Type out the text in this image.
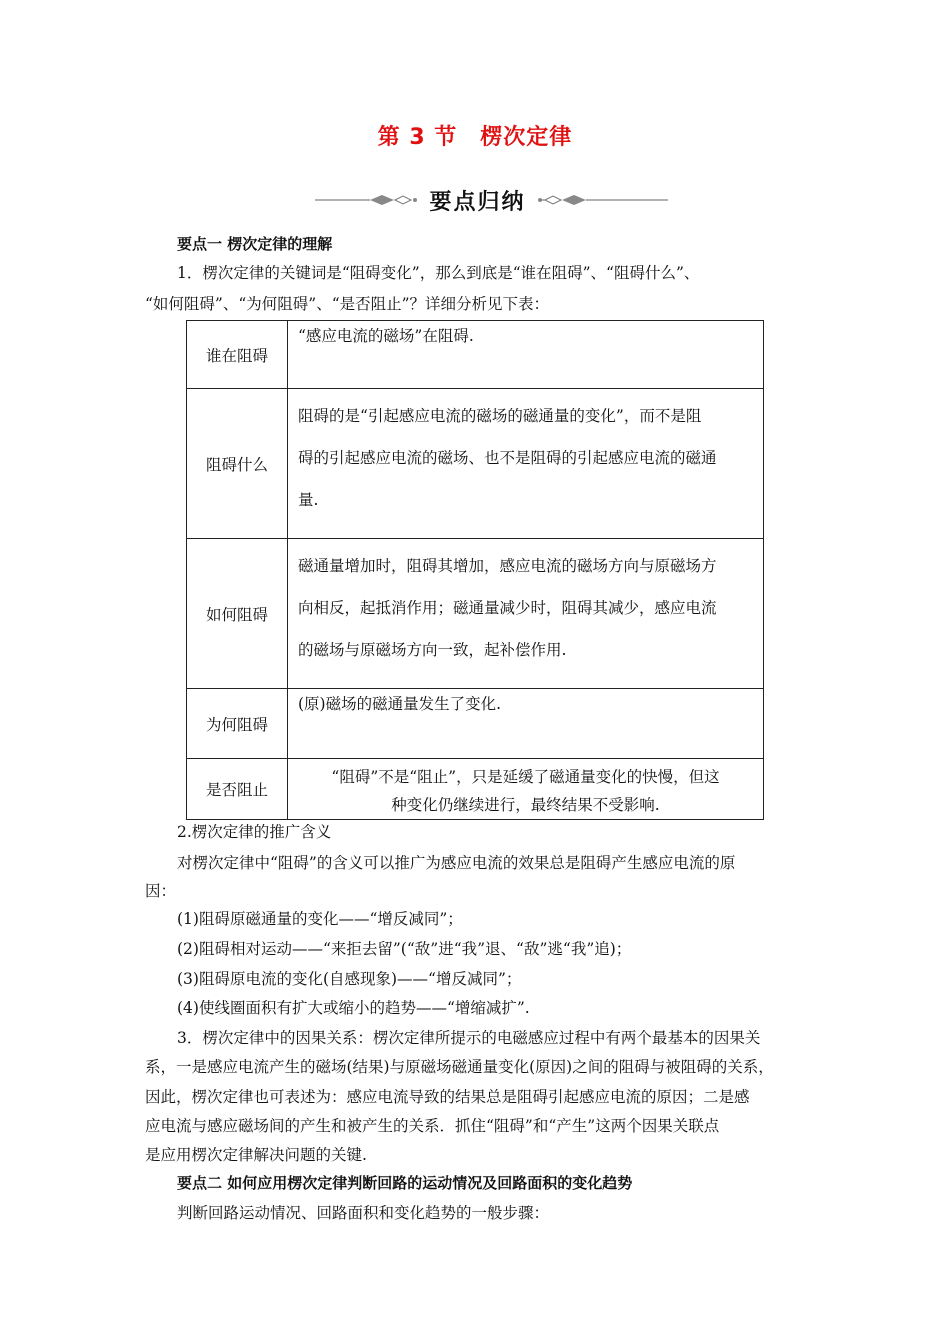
第 3 节　楞次定律
要点归纳
要点一 楞次定律的理解
1．楞次定律的关键词是“阻碍变化”，那么到底是“谁在阻碍”、“阻碍什么”、
“如何阻碍”、“为何阻碍”、“是否阻止”？详细分析见下表：
谁在阻碍	“感应电流的磁场”在阻碍.

阻碍什么	阻碍的是“引起感应电流的磁场的磁通量的变化”，而不是阻
碍的引起感应电流的磁场、也不是阻碍的引起感应电流的磁通
量.

如何阻碍	磁通量增加时，阻碍其增加，感应电流的磁场方向与原磁场方
向相反，起抵消作用；磁通量减少时，阻碍其减少，感应电流
的磁场与原磁场方向一致，起补偿作用.

为何阻碍	(原)磁场的磁通量发生了变化.

是否阻止	“阻碍”不是“阻止”，只是延缓了磁通量变化的快慢，但这
种变化仍继续进行，最终结果不受影响.
2.楞次定律的推广含义
对楞次定律中“阻碍”的含义可以推广为感应电流的效果总是阻碍产生感应电流的原
因：
(1)阻碍原磁通量的变化——“增反减同”；
(2)阻碍相对运动——“来拒去留”(“敌”进“我”退、“敌”逃“我”追)；
(3)阻碍原电流的变化(自感现象)——“增反减同”；
(4)使线圈面积有扩大或缩小的趋势——“增缩减扩”.
3．楞次定律中的因果关系：楞次定律所提示的电磁感应过程中有两个最基本的因果关
系，一是感应电流产生的磁场(结果)与原磁场磁通量变化(原因)之间的阻碍与被阻碍的关系，
因此，楞次定律也可表述为：感应电流导致的结果总是阻碍引起感应电流的原因；二是感
应电流与感应磁场间的产生和被产生的关系．抓住“阻碍”和“产生”这两个因果关联点
是应用楞次定律解决问题的关键.
要点二 如何应用楞次定律判断回路的运动情况及回路面积的变化趋势
判断回路运动情况、回路面积和变化趋势的一般步骤：
